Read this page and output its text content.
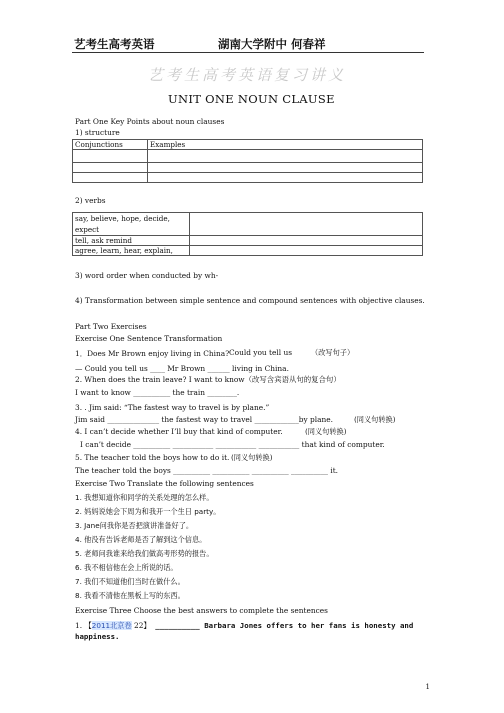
艺考生高考英语	湖南大学附中 何春祥
艺考生高考英语复习讲义
UNIT ONE NOUN CLAUSE
Part One Key Points about noun clauses
1) structure
Conjunctions	Examples

2) verbs
say, believe, hope, decide, expect	
tell, ask remind	
agree, learn, hear, explain,	
3) word order when conducted by wh-
4) Transformation between simple sentence and compound sentences with objective clauses.
Part Two Exercises
Exercise One Sentence Transformation
1．Does Mr Brown enjoy living in China? Could you tell us	（改写句子）
— Could you tell us ____ Mr Brown ______ living in China.
2. When does the train leave? I want to know（改写含宾语从句的复合句）
I want to know __________ the train ________.
3. . Jim said: “The fastest way to travel is by plane.”
Jim said ______________ the fastest way to travel ____________by plane.	(同义句转换)
4. I can’t decide whether I’ll buy that kind of computer.	(同义句转换)
I can’t decide __________ ___________ ___________ ___________ that kind of computer.
5. The teacher told the boys how to do it. (同义句转换)
The teacher told the boys __________ __________ __________ __________ it.
Exercise Two Translate the following sentences
1. 我想知道你和同学的关系处理的怎么样。
2. 妈妈说她会下周为和我开一个生日 party。
3. Jane问我你是否把演讲准备好了。
4. 他没有告诉老师是否了解到这个信息。
5. 老师问我谁来给我们做高考形势的报告。
6. 我不相信他在会上所说的话。
7. 我们不知道他们当时在做什么。
8. 我看不清他在黑板上写的东西。
Exercise Three Choose the best answers to complete the sentences
1. 【2011北京卷 22】 __________ Barbara Jones offers to her fans is honesty and
happiness.
1
